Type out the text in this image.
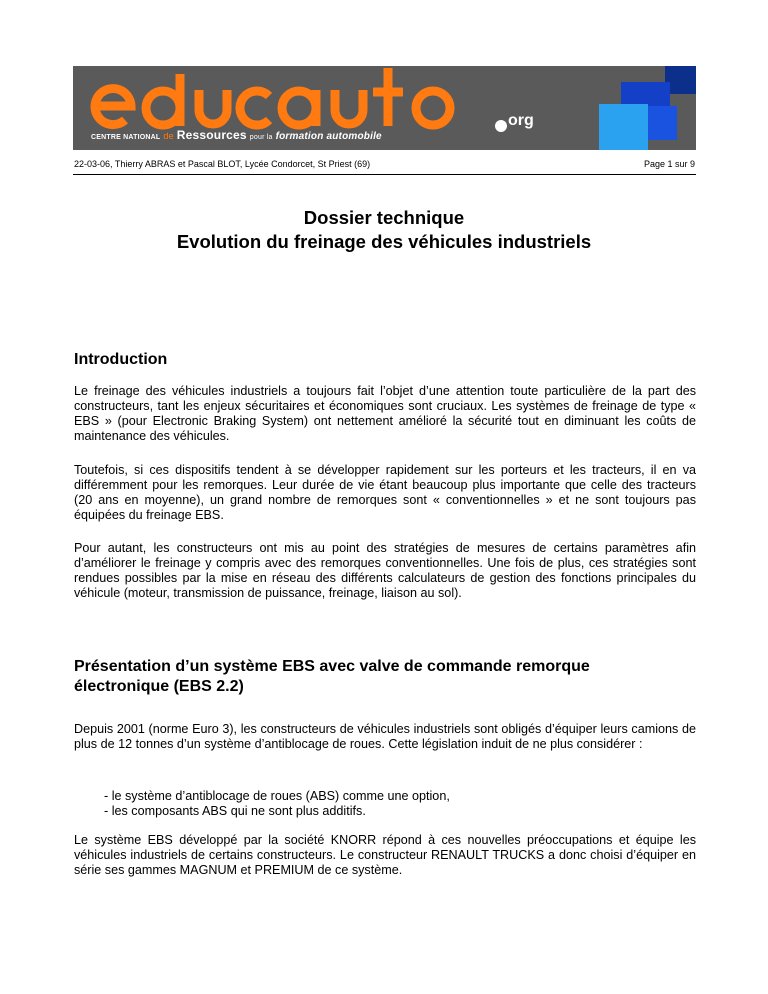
org
CENTRE NATIONAL de Ressources pour la formation automobile
22-03-06, Thierry ABRAS et Pascal BLOT, Lycée Condorcet, St Priest (69)	Page 1 sur 9
Dossier technique
Evolution du freinage des véhicules industriels
Introduction
Le freinage des véhicules industriels a toujours fait l’objet d’une attention toute particulière de la part des constructeurs, tant les enjeux sécuritaires et économiques sont cruciaux. Les systèmes de freinage de type « EBS » (pour Electronic Braking System) ont nettement amélioré la sécurité tout en diminuant les coûts de maintenance des véhicules.
Toutefois, si ces dispositifs tendent à se développer rapidement sur les porteurs et les tracteurs, il en va différemment pour les remorques. Leur durée de vie étant beaucoup plus importante que celle des tracteurs (20 ans en moyenne), un grand nombre de remorques sont « conventionnelles » et ne sont toujours pas équipées du freinage EBS.
Pour autant, les constructeurs ont mis au point des stratégies de mesures de certains paramètres afin d’améliorer le freinage y compris avec des remorques conventionnelles. Une fois de plus, ces stratégies sont rendues possibles par la mise en réseau des différents calculateurs de gestion des fonctions principales du véhicule (moteur, transmission de puissance, freinage, liaison au sol).
Présentation d’un système EBS avec valve de commande remorque
électronique (EBS 2.2)
Depuis 2001 (norme Euro 3), les constructeurs de véhicules industriels sont obligés d’équiper leurs camions de plus de 12 tonnes d’un système d’antiblocage de roues. Cette législation induit de ne plus considérer :
- le système d’antiblocage de roues (ABS) comme une option,
- les composants ABS qui ne sont plus additifs.
Le système EBS développé par la société KNORR répond à ces nouvelles préoccupations et équipe les véhicules industriels de certains constructeurs. Le constructeur RENAULT TRUCKS a donc choisi d’équiper en série ses gammes MAGNUM et PREMIUM de ce système.
